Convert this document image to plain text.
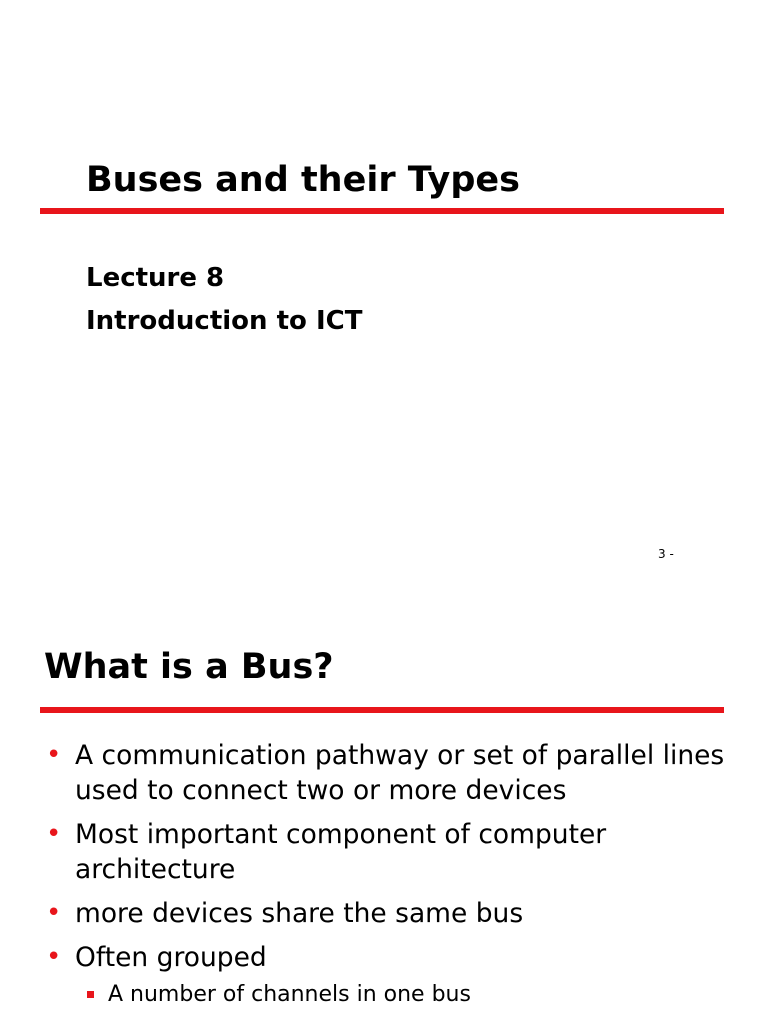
Buses and their Types
Lecture 8
Introduction to ICT
3 -
What is a Bus?
• A communication pathway or set of parallel lines used to connect two or more devices
• Most important component of computer architecture
• more devices share the same bus
• Often grouped
A number of channels in one bus
